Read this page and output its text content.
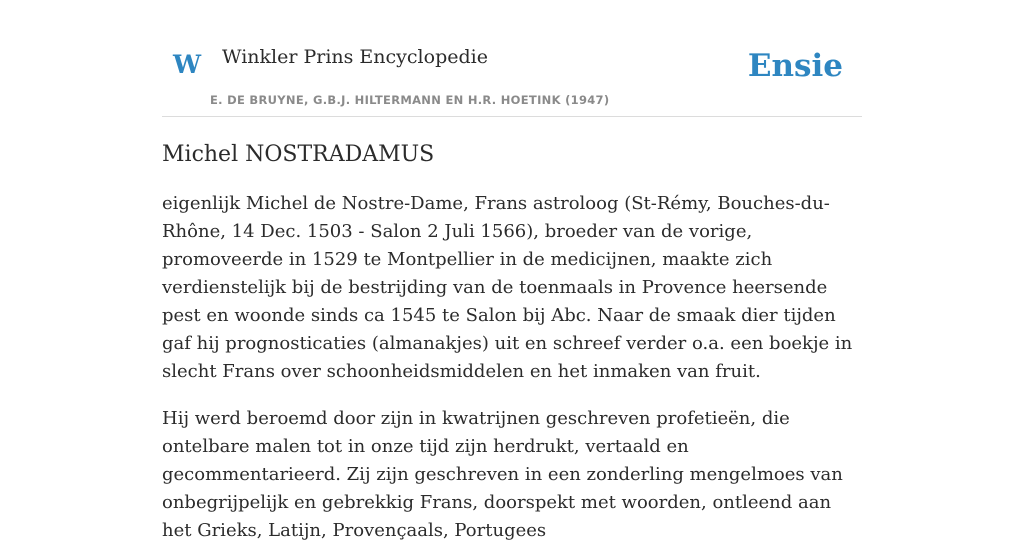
W Winkler Prins Encyclopedie
E. DE BRUYNE, G.B.J. HILTERMANN EN H.R. HOETINK (1947)
Ensie
Michel NOSTRADAMUS

eigenlijk Michel de Nostre-Dame, Frans astroloog (St-Rémy, Bouches-du-Rhône, 14 Dec. 1503 - Salon 2 Juli 1566), broeder van de vorige, promoveerde in 1529 te Montpellier in de medicijnen, maakte zich verdienstelijk bij de bestrijding van de toenmaals in Provence heersende pest en woonde sinds ca 1545 te Salon bij Abc. Naar de smaak dier tijden gaf hij prognosticaties (almanakjes) uit en schreef verder o.a. een boekje in slecht Frans over schoonheidsmiddelen en het inmaken van fruit.

Hij werd beroemd door zijn in kwatrijnen geschreven profetieën, die ontelbare malen tot in onze tijd zijn herdrukt, vertaald en gecommentarieerd. Zij zijn geschreven in een zonderling mengelmoes van onbegrijpelijk en gebrekkig Frans, doorspekt met woorden, ontleend aan het Grieks, Latijn, Provençaals, Portugees
